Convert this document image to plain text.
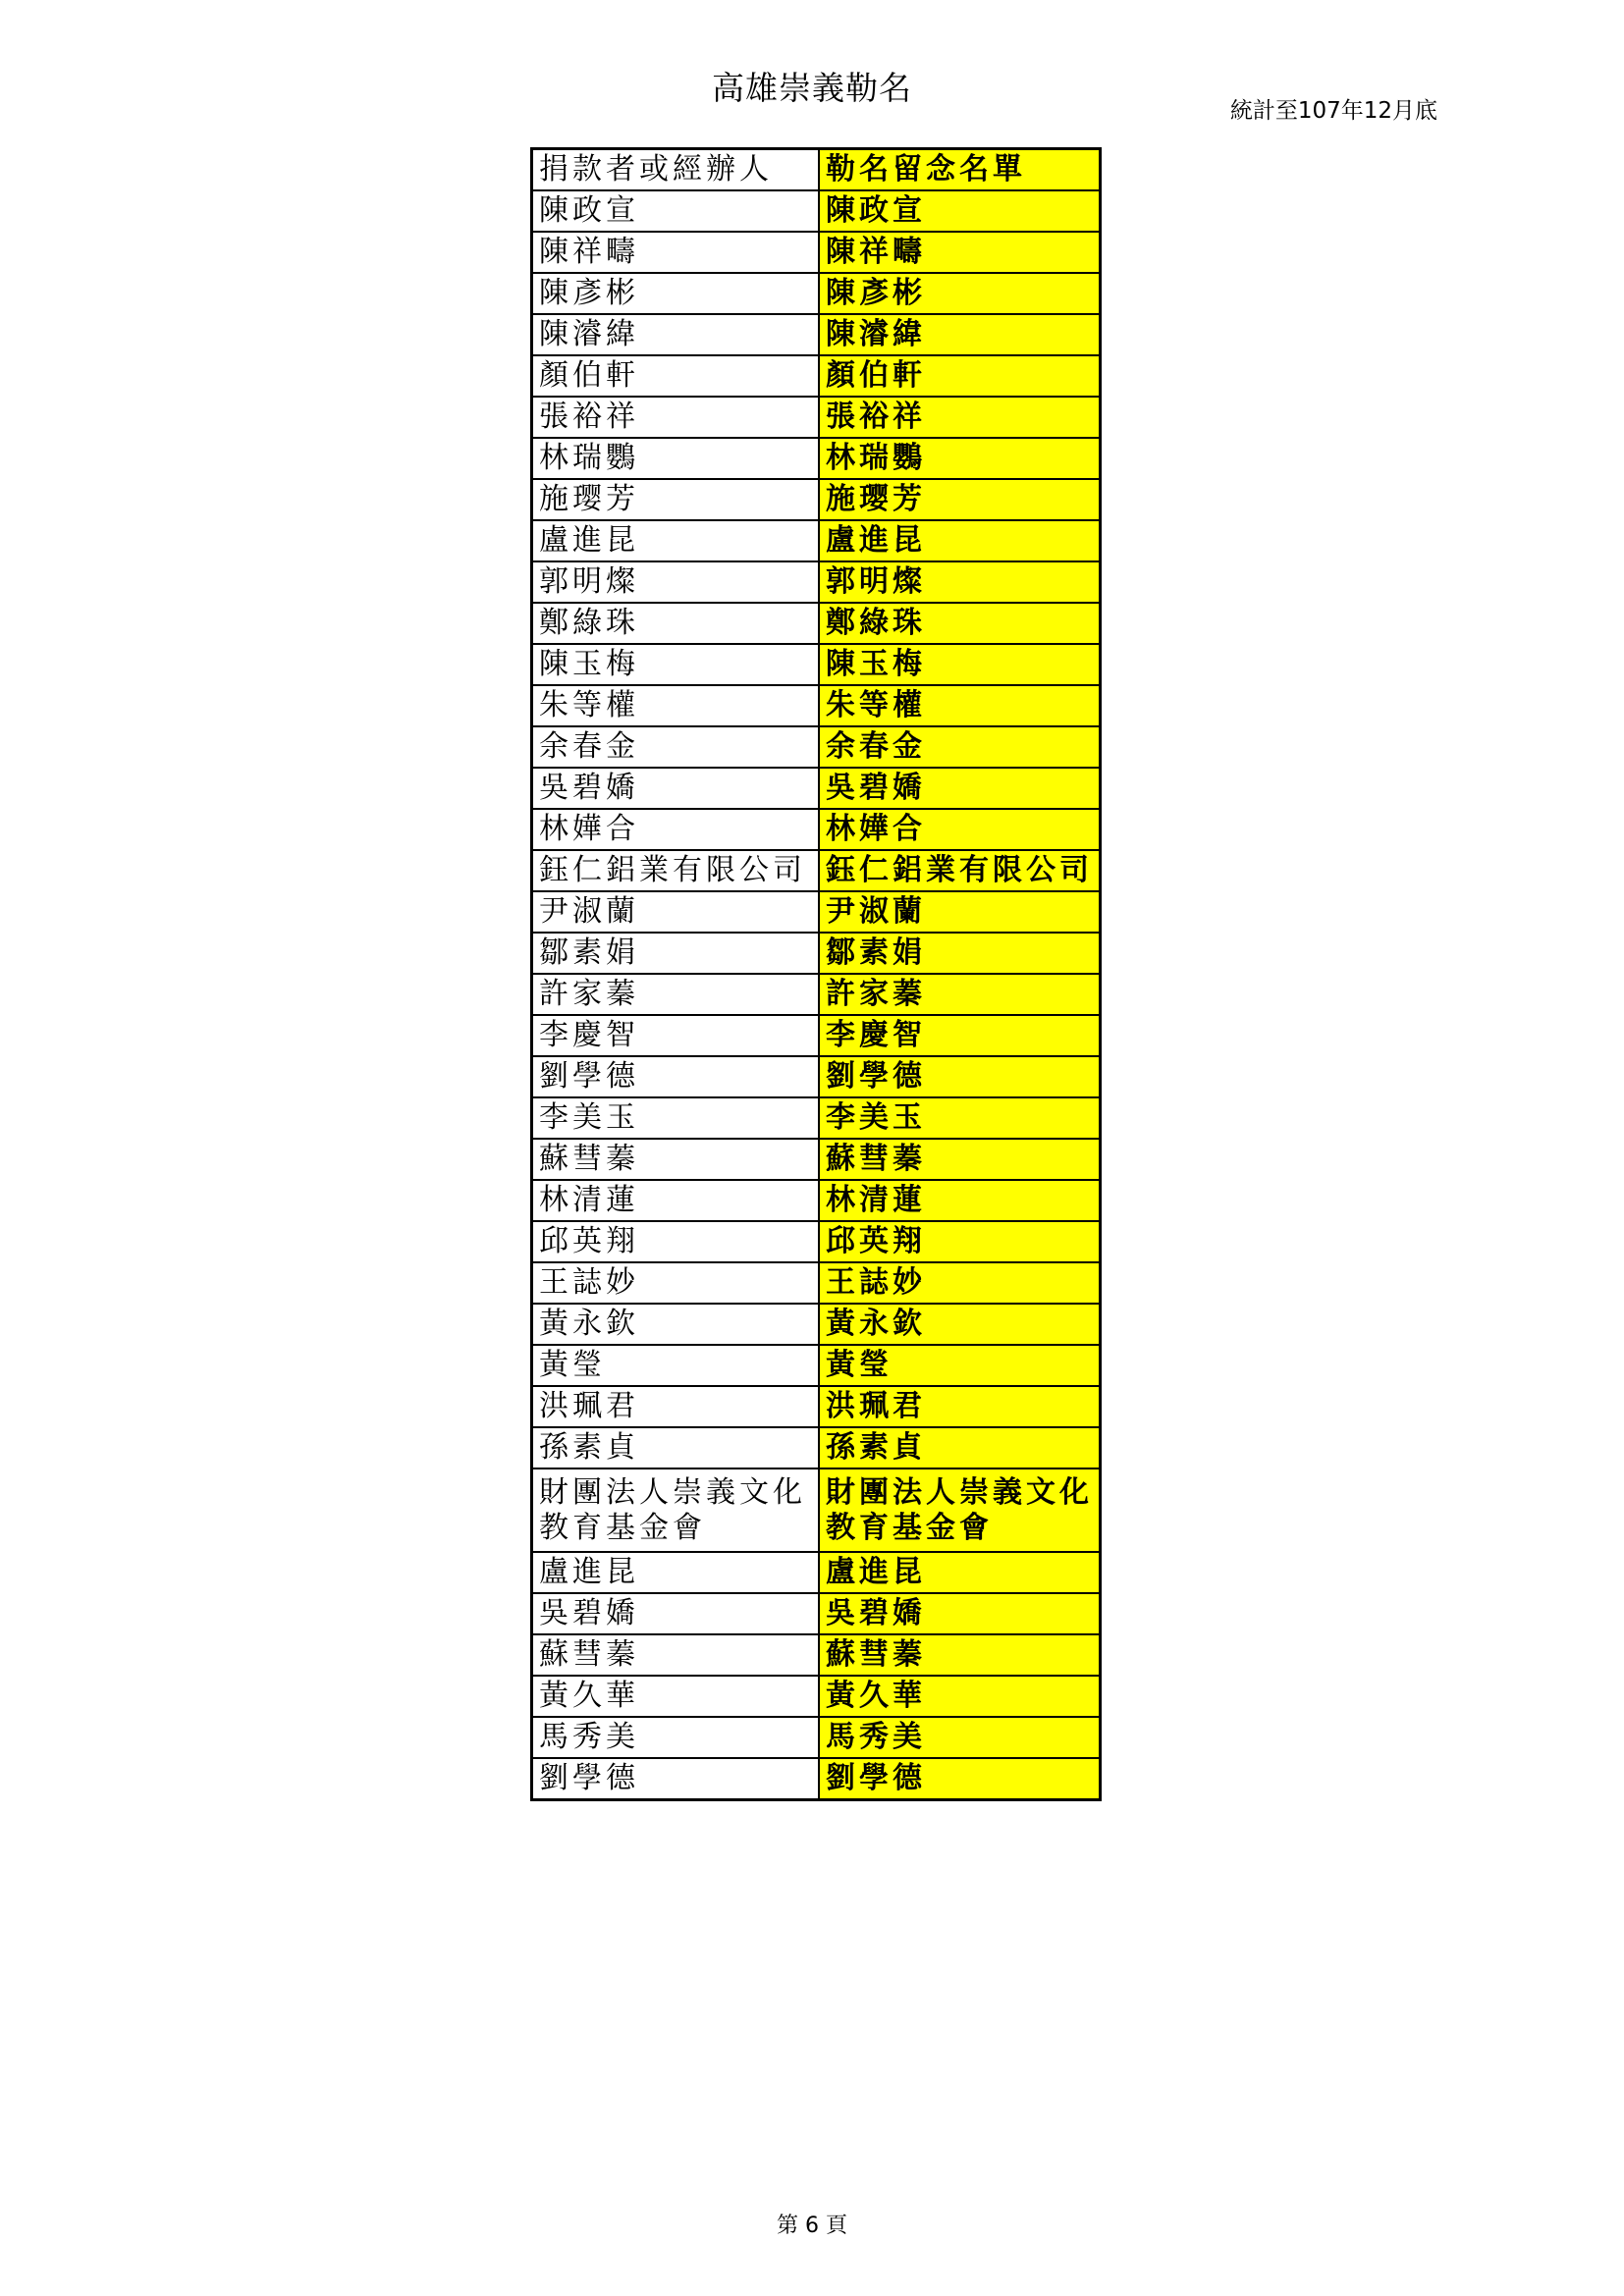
高雄崇義勒名
統計至107年12月底
捐款者或經辦人	勒名留念名單
陳政宣	陳政宣
陳祥疇	陳祥疇
陳彥彬	陳彥彬
陳濬緯	陳濬緯
顏伯軒	顏伯軒
張裕祥	張裕祥
林瑞鸚	林瑞鸚
施璎芳	施璎芳
盧進昆	盧進昆
郭明燦	郭明燦
鄭綠珠	鄭綠珠
陳玉梅	陳玉梅
朱等權	朱等權
余春金	余春金
吳碧嬌	吳碧嬌
林嬅合	林嬅合
鈺仁鋁業有限公司	鈺仁鋁業有限公司
尹淑蘭	尹淑蘭
鄒素娟	鄒素娟
許家蓁	許家蓁
李慶智	李慶智
劉學德	劉學德
李美玉	李美玉
蘇彗蓁	蘇彗蓁
林清蓮	林清蓮
邱英翔	邱英翔
王誌妙	王誌妙
黃永欽	黃永欽
黃瑩	黃瑩
洪珮君	洪珮君
孫素貞	孫素貞
財團法人崇義文化教育基金會	財團法人崇義文化教育基金會
盧進昆	盧進昆
吳碧嬌	吳碧嬌
蘇彗蓁	蘇彗蓁
黃久華	黃久華
馬秀美	馬秀美
劉學德	劉學德
第 6 頁
